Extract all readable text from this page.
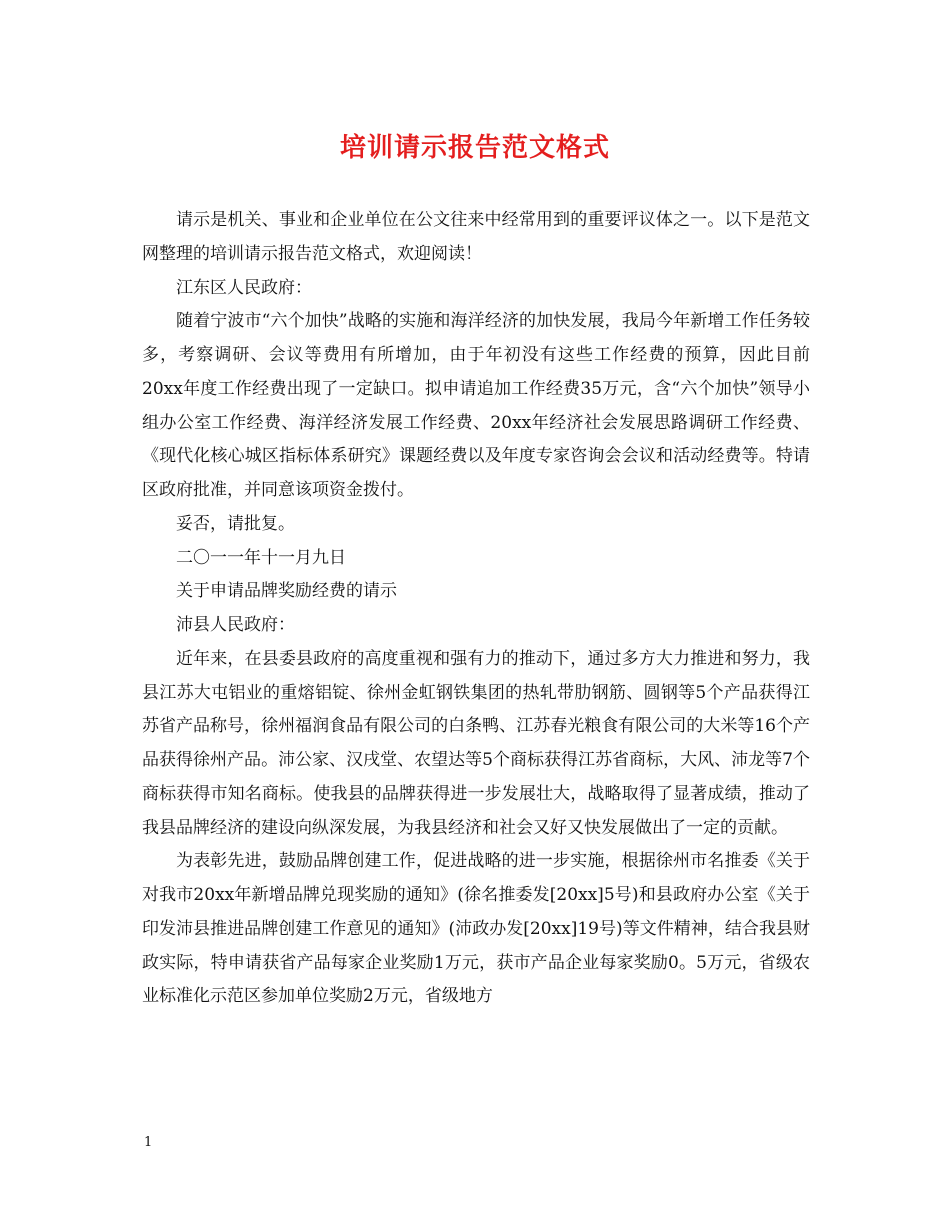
培训请示报告范文格式

请示是机关、事业和企业单位在公文往来中经常用到的重要评议体之一。以下是范文网整理的培训请示报告范文格式，欢迎阅读！

江东区人民政府：

随着宁波市“六个加快”战略的实施和海洋经济的加快发展，我局今年新增工作任务较多，考察调研、会议等费用有所增加，由于年初没有这些工作经费的预算，因此目前20xx年度工作经费出现了一定缺口。拟申请追加工作经费35万元，含“六个加快”领导小组办公室工作经费、海洋经济发展工作经费、20xx年经济社会发展思路调研工作经费、《现代化核心城区指标体系研究》课题经费以及年度专家咨询会会议和活动经费等。特请区政府批准，并同意该项资金拨付。

妥否，请批复。

二〇一一年十一月九日

关于申请品牌奖励经费的请示

沛县人民政府：

近年来，在县委县政府的高度重视和强有力的推动下，通过多方大力推进和努力，我县江苏大屯铝业的重熔铝锭、徐州金虹钢铁集团的热轧带肋钢筋、圆钢等5个产品获得江苏省产品称号，徐州福润食品有限公司的白条鸭、江苏春光粮食有限公司的大米等16个产品获得徐州产品。沛公家、汉戌堂、农望达等5个商标获得江苏省商标，大风、沛龙等7个商标获得市知名商标。使我县的品牌获得进一步发展壮大，战略取得了显著成绩，推动了我县品牌经济的建设向纵深发展，为我县经济和社会又好又快发展做出了一定的贡献。

为表彰先进，鼓励品牌创建工作，促进战略的进一步实施，根据徐州市名推委《关于对我市20xx年新增品牌兑现奖励的通知》(徐名推委发[20xx]5号)和县政府办公室《关于印发沛县推进品牌创建工作意见的通知》(沛政办发[20xx]19号)等文件精神，结合我县财政实际，特申请获省产品每家企业奖励1万元，获市产品企业每家奖励0。5万元，省级农业标准化示范区参加单位奖励2万元，省级地方

1
